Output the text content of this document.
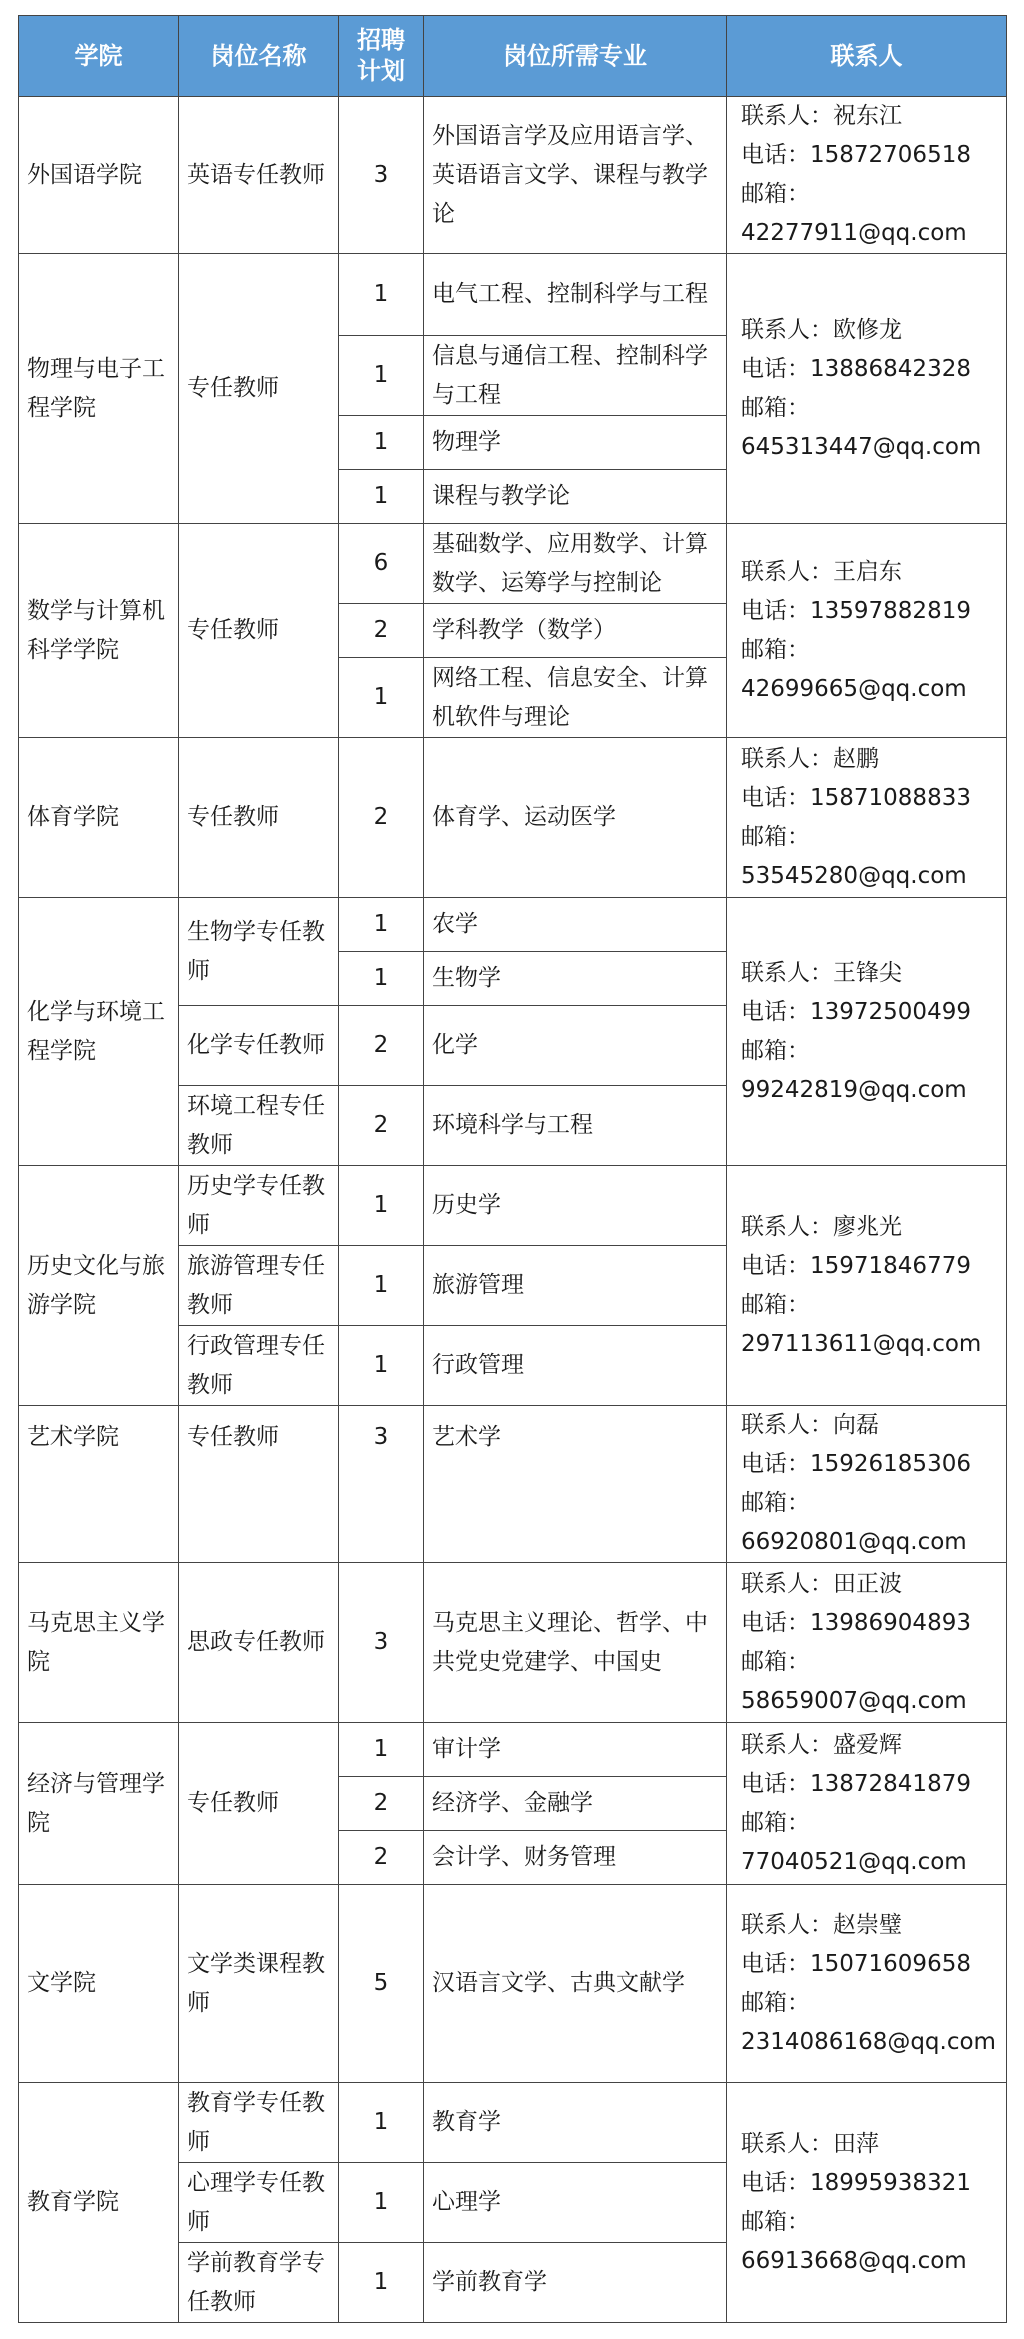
学院	岗位名称	招聘
计划	岗位所需专业	联系人
外国语学院	英语专任教师	3	外国语言学及应用语言学、英语语言文学、课程与教学论	联系人：祝东江
电话：15872706518
邮箱：
42277911@qq.com
物理与电子工程学院	专任教师	1	电气工程、控制科学与工程	联系人：欧修龙
电话：13886842328
邮箱：
645313447@qq.com
		1	信息与通信工程、控制科学与工程	
		1	物理学	
		1	课程与教学论	
数学与计算机科学学院	专任教师	6	基础数学、应用数学、计算数学、运筹学与控制论	联系人：王启东
电话：13597882819
邮箱：
42699665@qq.com
		2	学科教学（数学）	
		1	网络工程、信息安全、计算机软件与理论	
体育学院	专任教师	2	体育学、运动医学	联系人：赵鹏
电话：15871088833
邮箱：
53545280@qq.com
化学与环境工程学院	生物学专任教师	1	农学	联系人：王锋尖
电话：13972500499
邮箱：
99242819@qq.com
		1	生物学	
	化学专任教师	2	化学	
	环境工程专任教师	2	环境科学与工程	
历史文化与旅游学院	历史学专任教师	1	历史学	联系人：廖兆光
电话：15971846779
邮箱：
297113611@qq.com
	旅游管理专任教师	1	旅游管理	
	行政管理专任教师	1	行政管理	
艺术学院	专任教师	3	艺术学	联系人：向磊
电话：15926185306
邮箱：
66920801@qq.com
马克思主义学院	思政专任教师	3	马克思主义理论、哲学、中共党史党建学、中国史	联系人：田正波
电话：13986904893
邮箱：
58659007@qq.com
经济与管理学院	专任教师	1	审计学	联系人：盛爱辉
电话：13872841879
邮箱：
77040521@qq.com
		2	经济学、金融学	
		2	会计学、财务管理	
文学院	文学类课程教师	5	汉语言文学、古典文献学	联系人：赵崇璧
电话：15071609658
邮箱：
2314086168@qq.com
教育学院	教育学专任教师	1	教育学	联系人：田萍
电话：18995938321
邮箱：
66913668@qq.com
	心理学专任教师	1	心理学	
	学前教育学专任教师	1	学前教育学	
